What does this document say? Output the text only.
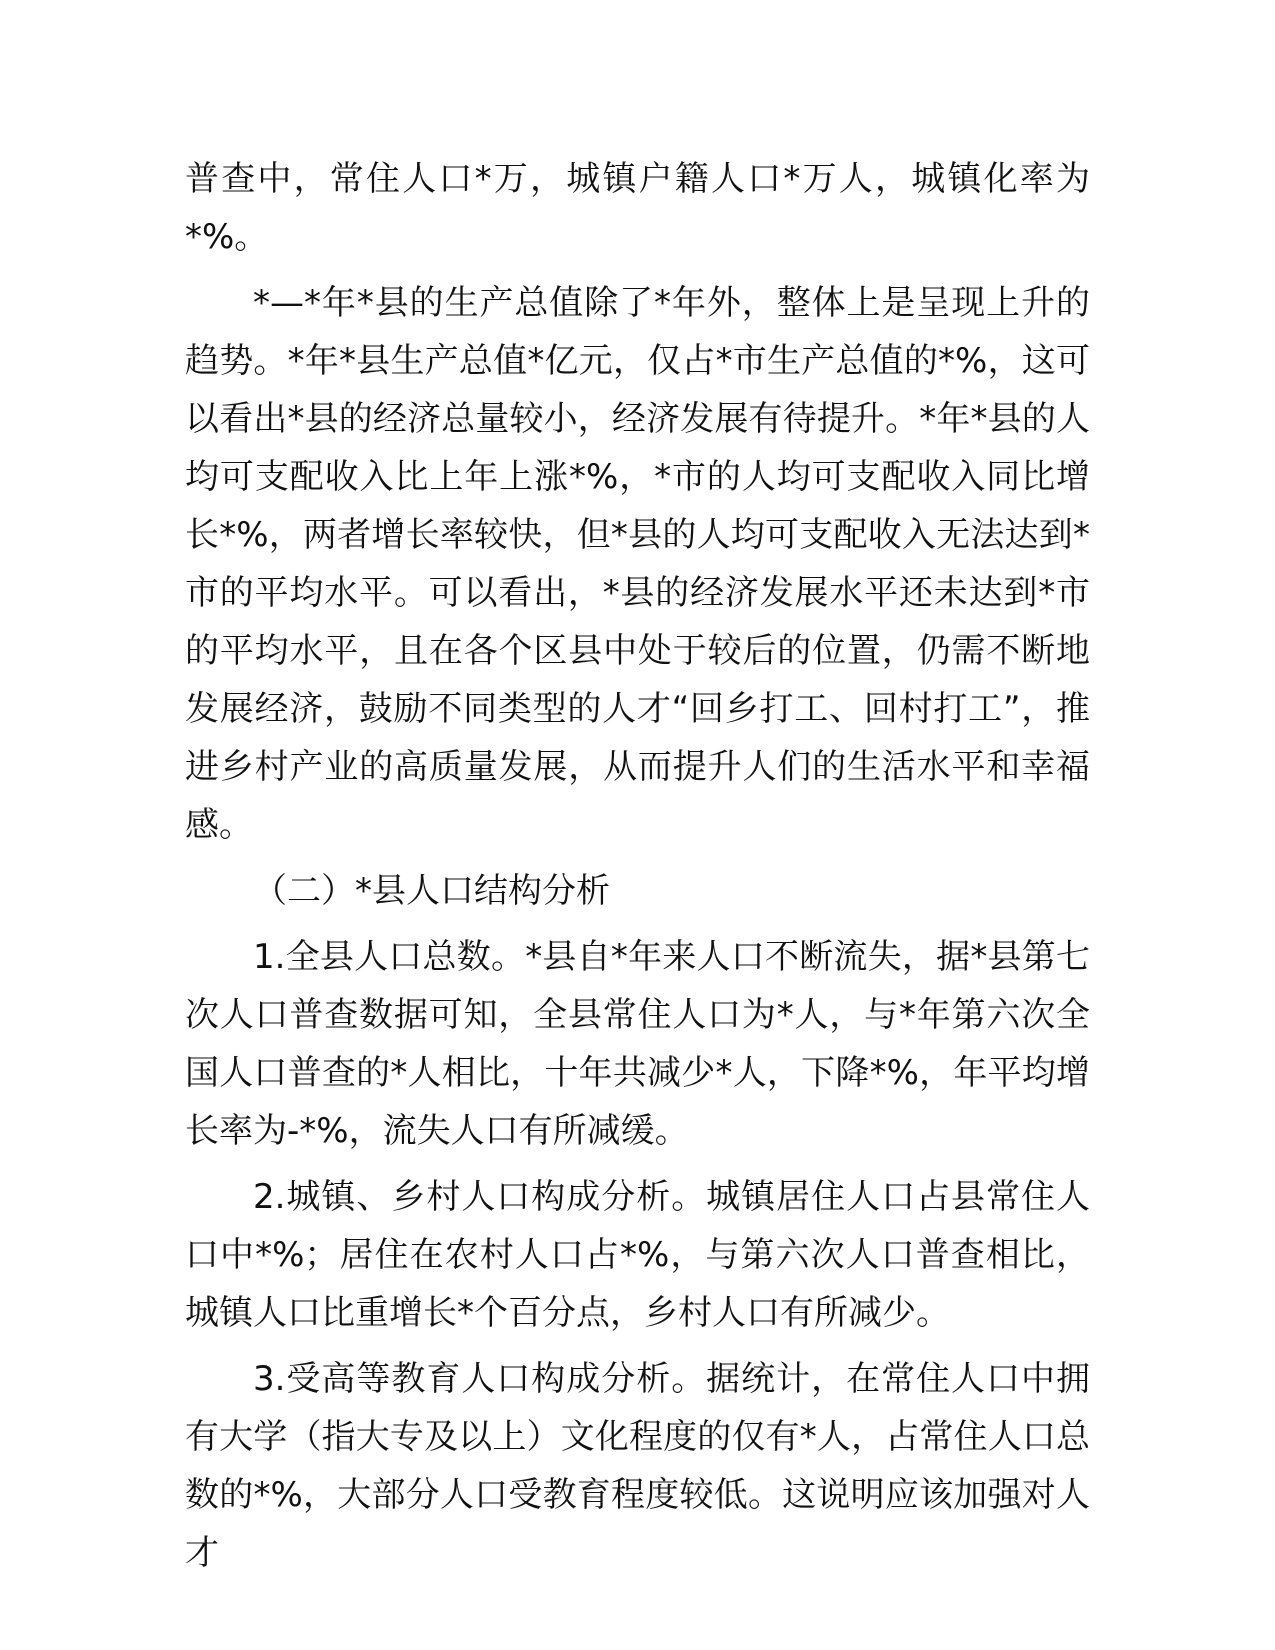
普查中，常住人口*万，城镇户籍人口*万人，城镇化率为*%。

*—*年*县的生产总值除了*年外，整体上是呈现上升的趋势。*年*县生产总值*亿元，仅占*市生产总值的*%，这可以看出*县的经济总量较小，经济发展有待提升。*年*县的人均可支配收入比上年上涨*%，*市的人均可支配收入同比增长*%，两者增长率较快，但*县的人均可支配收入无法达到*市的平均水平。可以看出，*县的经济发展水平还未达到*市的平均水平，且在各个区县中处于较后的位置，仍需不断地发展经济，鼓励不同类型的人才“回乡打工、回村打工”，推进乡村产业的高质量发展，从而提升人们的生活水平和幸福感。

（二）*县人口结构分析

1.全县人口总数。*县自*年来人口不断流失，据*县第七次人口普查数据可知，全县常住人口为*人，与*年第六次全国人口普查的*人相比，十年共减少*人，下降*%，年平均增长率为-*%，流失人口有所减缓。

2.城镇、乡村人口构成分析。城镇居住人口占县常住人口中*%；居住在农村人口占*%，与第六次人口普查相比，城镇人口比重增长*个百分点，乡村人口有所减少。

3.受高等教育人口构成分析。据统计，在常住人口中拥有大学（指大专及以上）文化程度的仅有*人，占常住人口总数的*%，大部分人口受教育程度较低。这说明应该加强对人才
